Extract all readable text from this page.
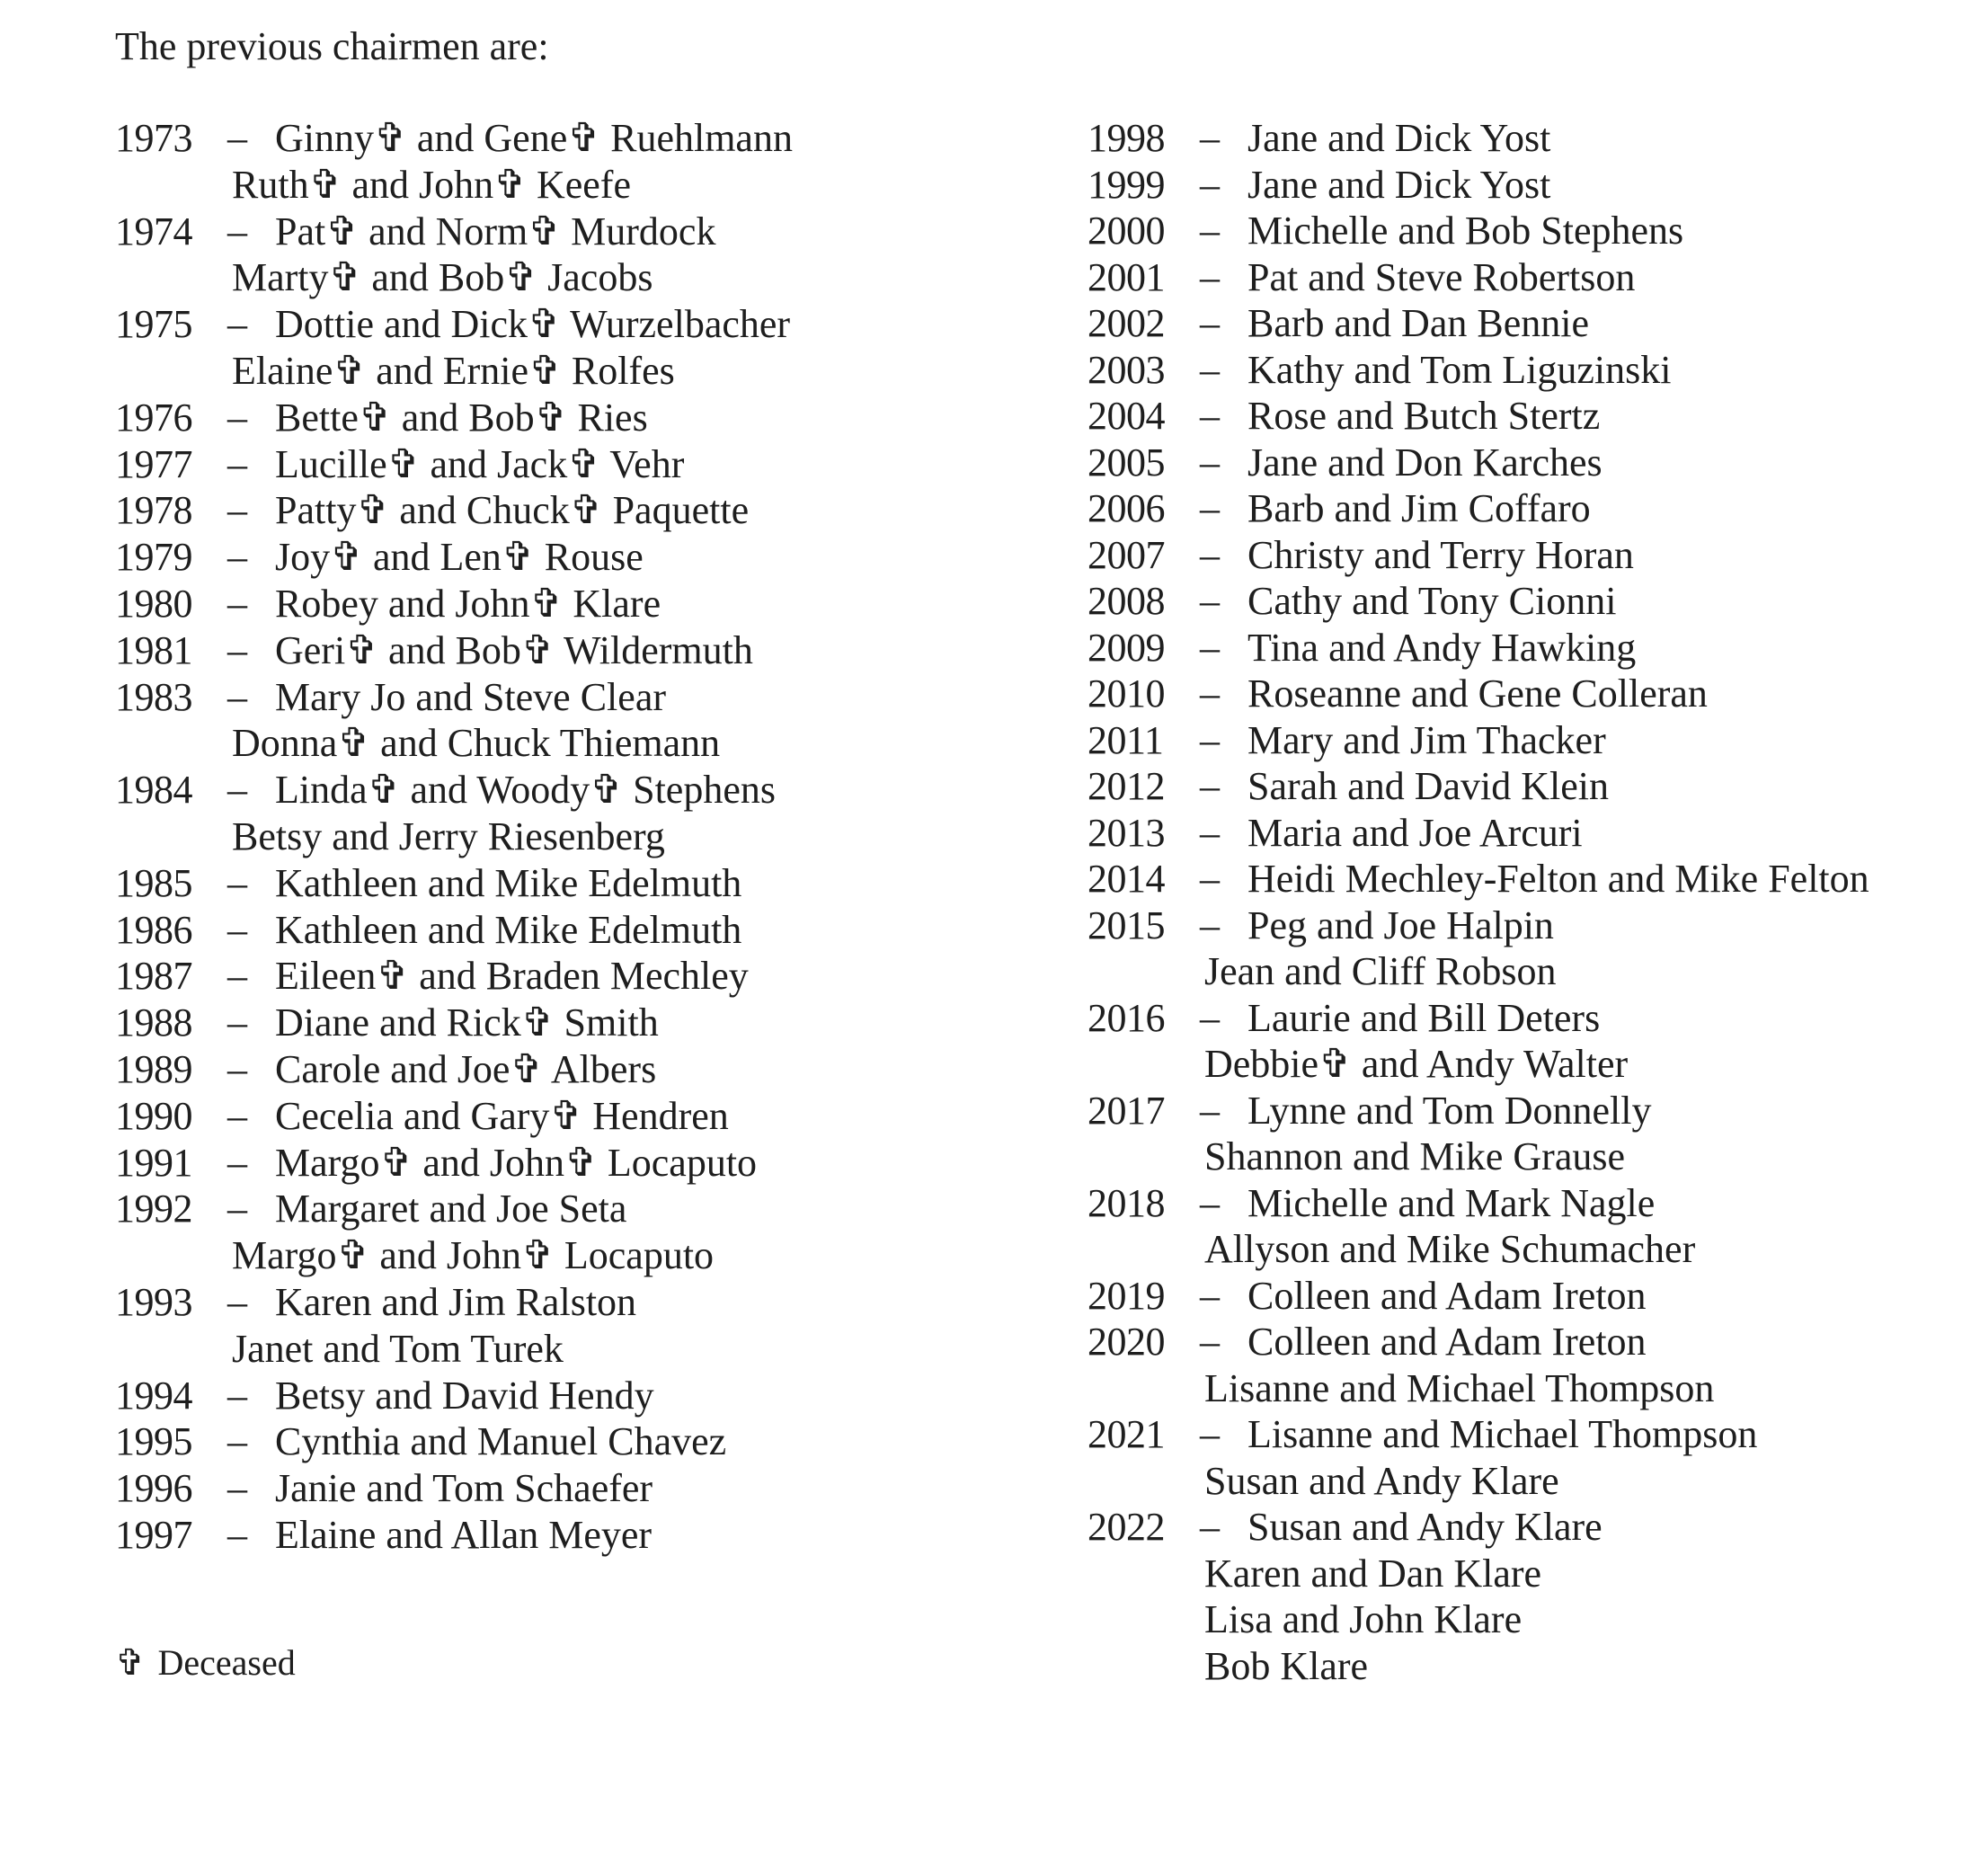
The previous chairmen are:
1973 – Ginny✞ and Gene✞ Ruehlmann
Ruth✞ and John✞ Keefe
1974 – Pat✞ and Norm✞ Murdock
Marty✞ and Bob✞ Jacobs
1975 – Dottie and Dick✞ Wurzelbacher
Elaine✞ and Ernie✞ Rolfes
1976 – Bette✞ and Bob✞ Ries
1977 – Lucille✞ and Jack✞ Vehr
1978 – Patty✞ and Chuck✞ Paquette
1979 – Joy✞ and Len✞ Rouse
1980 – Robey and John✞ Klare
1981 – Geri✞ and Bob✞ Wildermuth
1983 – Mary Jo and Steve Clear
Donna✞ and Chuck Thiemann
1984 – Linda✞ and Woody✞ Stephens
Betsy and Jerry Riesenberg
1985 – Kathleen and Mike Edelmuth
1986 – Kathleen and Mike Edelmuth
1987 – Eileen✞ and Braden Mechley
1988 – Diane and Rick✞ Smith
1989 – Carole and Joe✞ Albers
1990 – Cecelia and Gary✞ Hendren
1991 – Margo✞ and John✞ Locaputo
1992 – Margaret and Joe Seta
Margo✞ and John✞ Locaputo
1993 – Karen and Jim Ralston
Janet and Tom Turek
1994 – Betsy and David Hendy
1995 – Cynthia and Manuel Chavez
1996 – Janie and Tom Schaefer
1997 – Elaine and Allan Meyer
1998 – Jane and Dick Yost
1999 – Jane and Dick Yost
2000 – Michelle and Bob Stephens
2001 – Pat and Steve Robertson
2002 – Barb and Dan Bennie
2003 – Kathy and Tom Liguzinski
2004 – Rose and Butch Stertz
2005 – Jane and Don Karches
2006 – Barb and Jim Coffaro
2007 – Christy and Terry Horan
2008 – Cathy and Tony Cionni
2009 – Tina and Andy Hawking
2010 – Roseanne and Gene Colleran
2011 – Mary and Jim Thacker
2012 – Sarah and David Klein
2013 – Maria and Joe Arcuri
2014 – Heidi Mechley-Felton and Mike Felton
2015 – Peg and Joe Halpin
Jean and Cliff Robson
2016 – Laurie and Bill Deters
Debbie✞ and Andy Walter
2017 – Lynne and Tom Donnelly
Shannon and Mike Grause
2018 – Michelle and Mark Nagle
Allyson and Mike Schumacher
2019 – Colleen and Adam Ireton
2020 – Colleen and Adam Ireton
Lisanne and Michael Thompson
2021 – Lisanne and Michael Thompson
Susan and Andy Klare
2022 – Susan and Andy Klare
Karen and Dan Klare
Lisa and John Klare
Bob Klare
✞ Deceased
